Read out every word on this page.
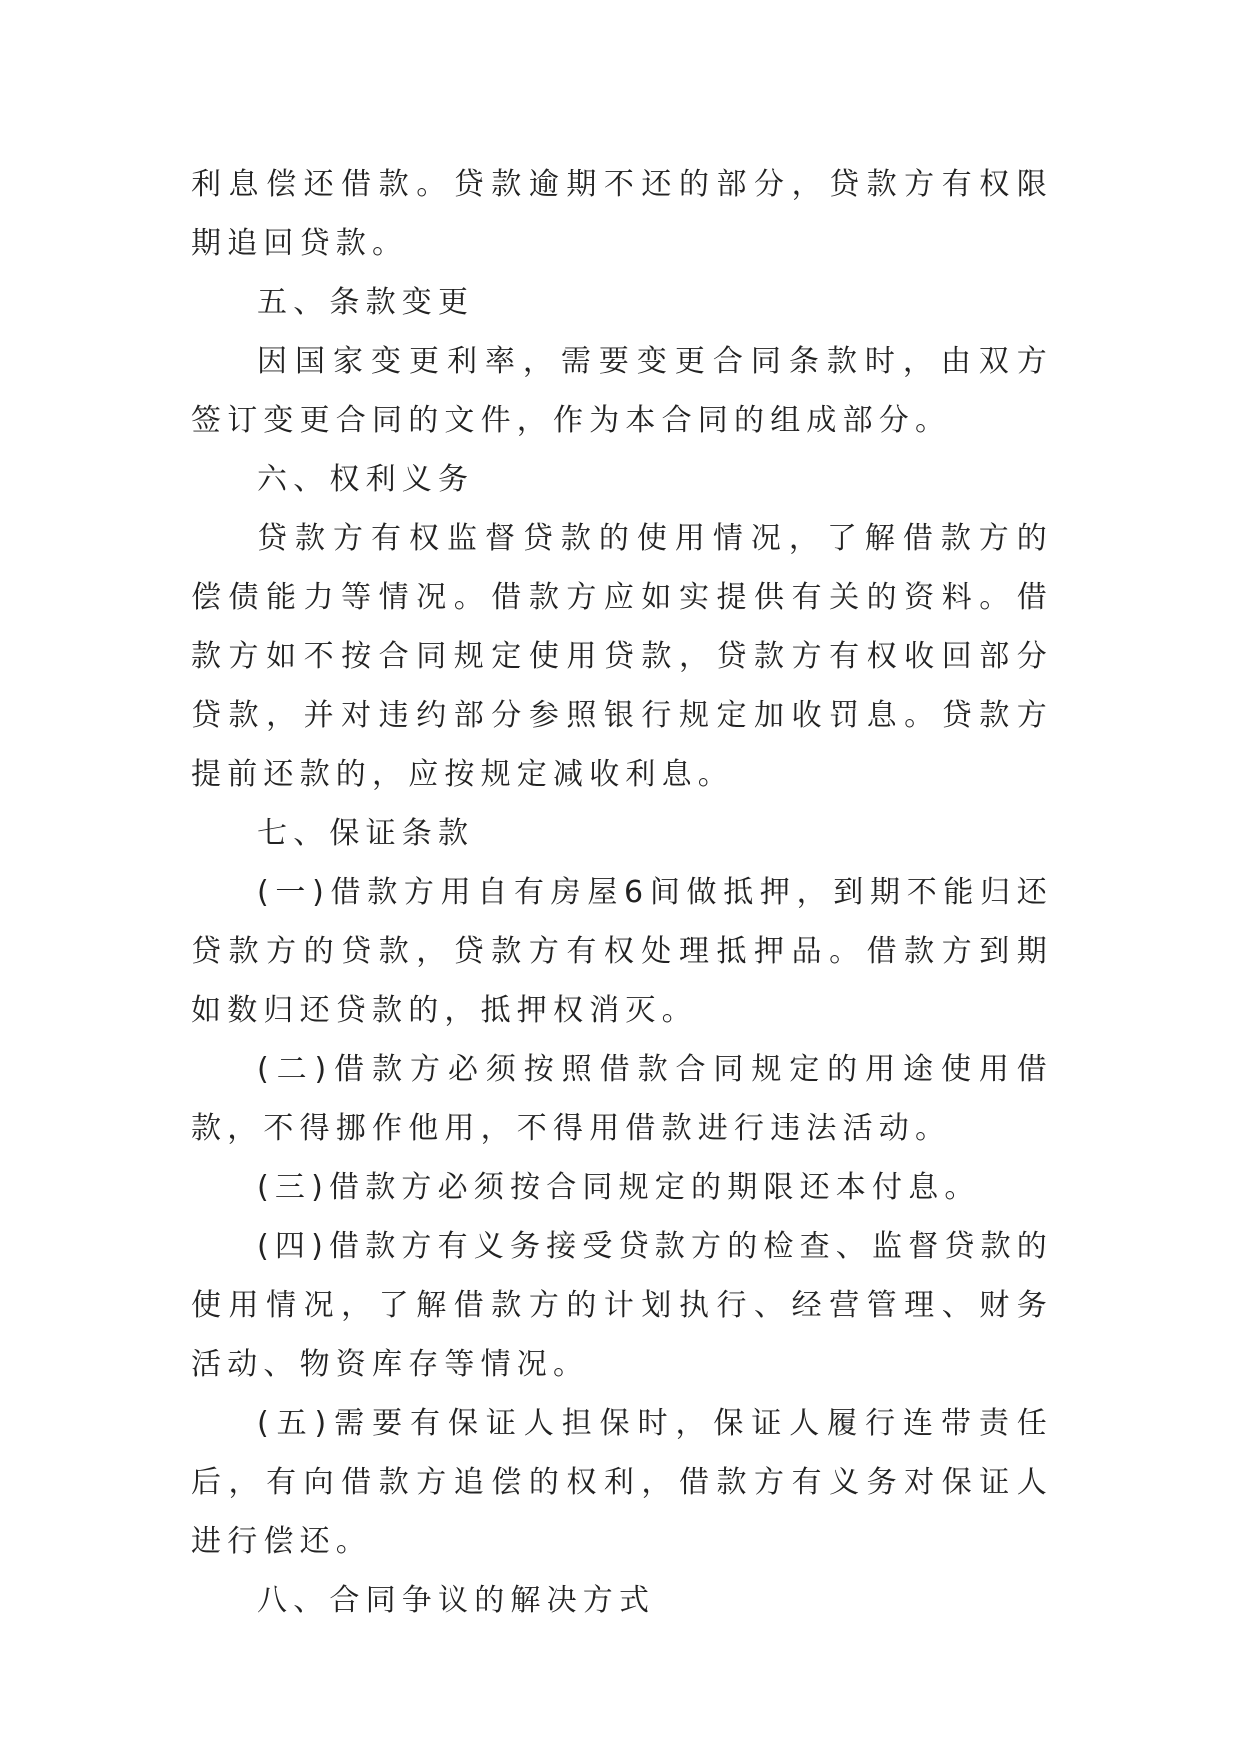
利息偿还借款。贷款逾期不还的部分，贷款方有权限期追回贷款。

五、条款变更

因国家变更利率，需要变更合同条款时，由双方签订变更合同的文件，作为本合同的组成部分。

六、权利义务

贷款方有权监督贷款的使用情况，了解借款方的偿债能力等情况。借款方应如实提供有关的资料。借款方如不按合同规定使用贷款，贷款方有权收回部分贷款，并对违约部分参照银行规定加收罚息。贷款方提前还款的，应按规定减收利息。

七、保证条款

(一)借款方用自有房屋6间做抵押，到期不能归还贷款方的贷款，贷款方有权处理抵押品。借款方到期如数归还贷款的，抵押权消灭。

(二)借款方必须按照借款合同规定的用途使用借款，不得挪作他用，不得用借款进行违法活动。

(三)借款方必须按合同规定的期限还本付息。

(四)借款方有义务接受贷款方的检查、监督贷款的使用情况，了解借款方的计划执行、经营管理、财务活动、物资库存等情况。

(五)需要有保证人担保时，保证人履行连带责任后，有向借款方追偿的权利，借款方有义务对保证人进行偿还。

八、合同争议的解决方式
